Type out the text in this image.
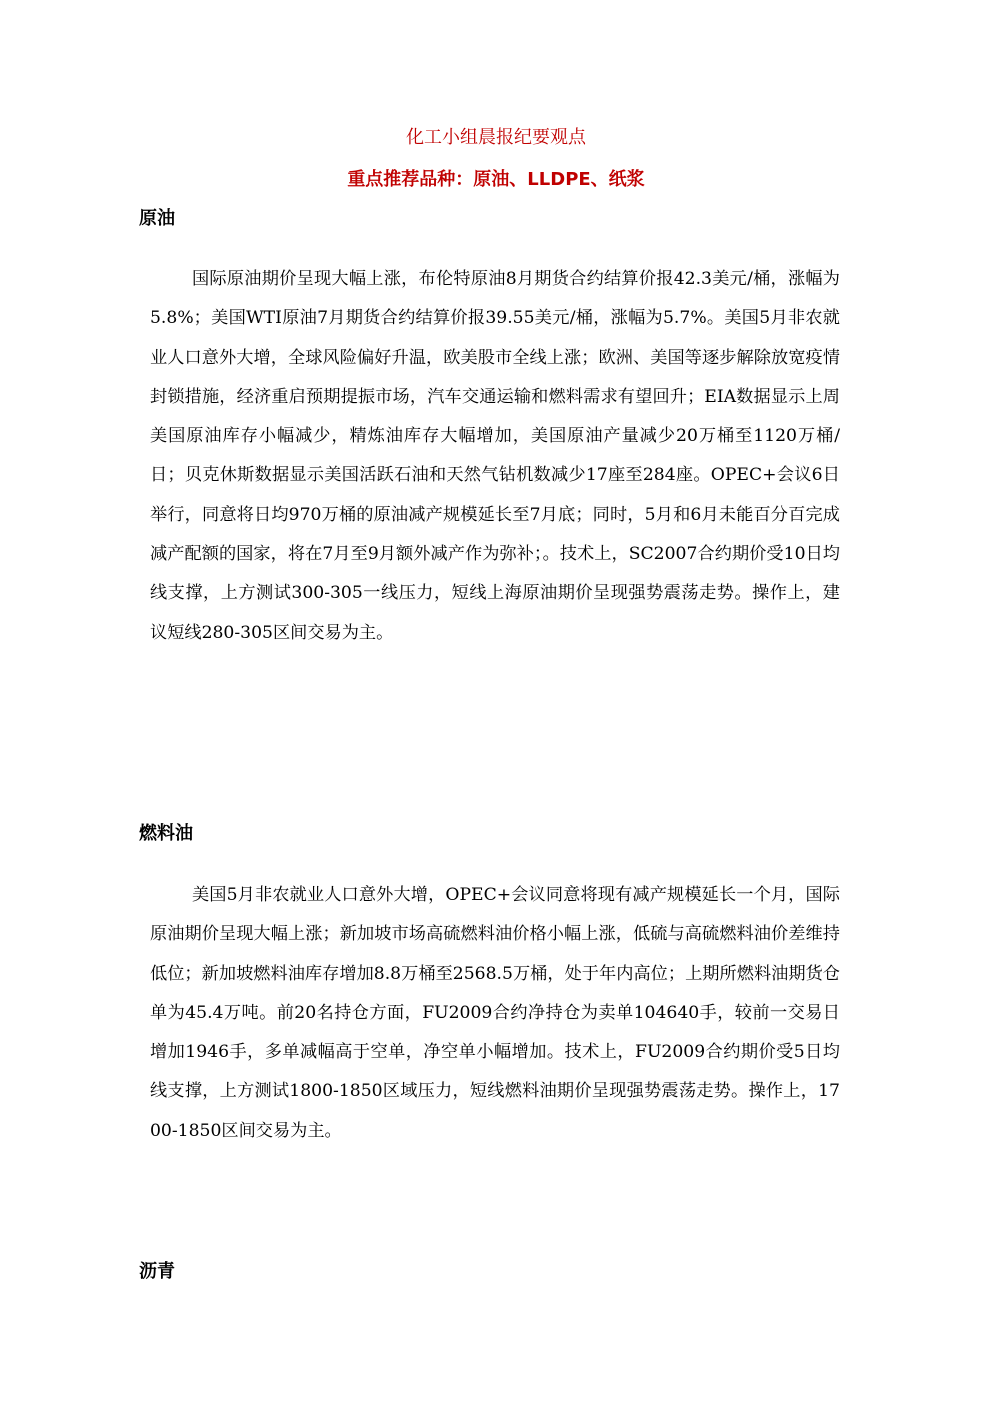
化工小组晨报纪要观点
重点推荐品种：原油、LLDPE、纸浆
原油

国际原油期价呈现大幅上涨，布伦特原油8月期货合约结算价报42.3美元/桶，涨幅为5.8%；美国WTI原油7月期货合约结算价报39.55美元/桶，涨幅为5.7%。美国5月非农就业人口意外大增，全球风险偏好升温，欧美股市全线上涨；欧洲、美国等逐步解除放宽疫情封锁措施，经济重启预期提振市场，汽车交通运输和燃料需求有望回升；EIA数据显示上周美国原油库存小幅减少，精炼油库存大幅增加，美国原油产量减少20万桶至1120万桶/日；贝克休斯数据显示美国活跃石油和天然气钻机数减少17座至284座。OPEC+会议6日举行，同意将日均970万桶的原油减产规模延长至7月底；同时，5月和6月未能百分百完成减产配额的国家，将在7月至9月额外减产作为弥补；。技术上，SC2007合约期价受10日均线支撑，上方测试300-305一线压力，短线上海原油期价呈现强势震荡走势。操作上，建议短线280-305区间交易为主。

燃料油

美国5月非农就业人口意外大增，OPEC+会议同意将现有减产规模延长一个月，国际原油期价呈现大幅上涨；新加坡市场高硫燃料油价格小幅上涨，低硫与高硫燃料油价差维持低位；新加坡燃料油库存增加8.8万桶至2568.5万桶，处于年内高位；上期所燃料油期货仓单为45.4万吨。前20名持仓方面，FU2009合约净持仓为卖单104640手，较前一交易日增加1946手，多单减幅高于空单，净空单小幅增加。技术上，FU2009合约期价受5日均线支撑，上方测试1800-1850区域压力，短线燃料油期价呈现强势震荡走势。操作上，1700-1850区间交易为主。

沥青
